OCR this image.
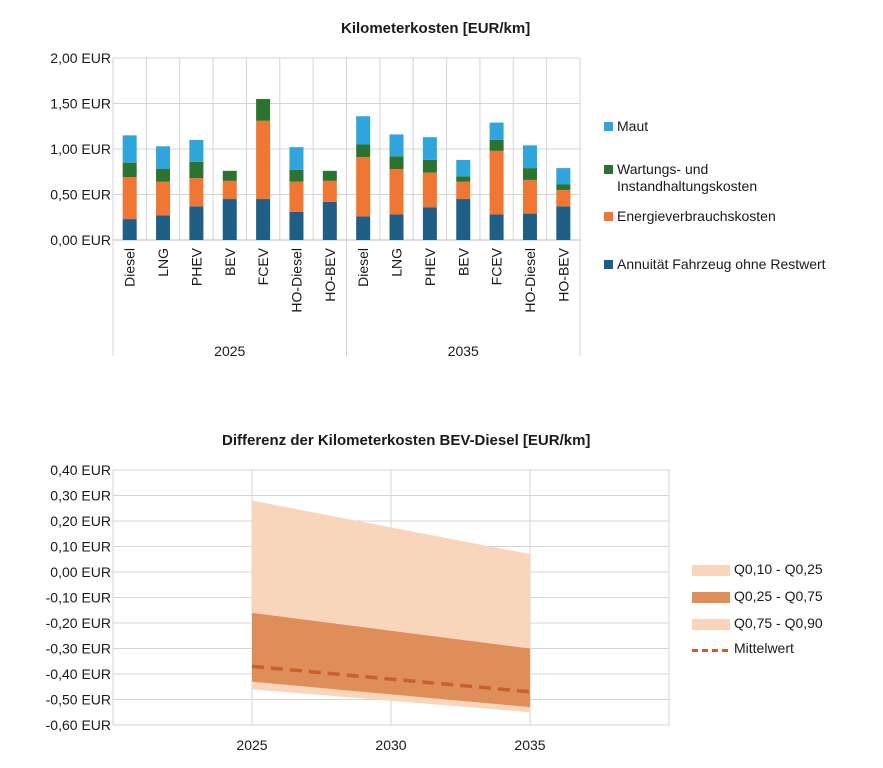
Kilometerkosten [EUR/km]
0,00 EUR
0,50 EUR
1,00 EUR
1,50 EUR
2,00 EUR
Diesel LNG PHEV BEV FCEV HO-Diesel HO-BEV Diesel LNG PHEV BEV FCEV HO-Diesel HO-BEV
2025	2035
-0,60 EUR
-0,50 EUR
-0,40 EUR
-0,30 EUR
-0,20 EUR
-0,10 EUR
0,00 EUR
0,10 EUR
0,20 EUR
0,30 EUR
0,40 EUR
2025	2030	2035
Differenz der Kilometerkosten BEV-Diesel [EUR/km]
Maut
Wartungs- und Instandhaltungskosten
Energieverbrauchskosten
Annuität Fahrzeug ohne Restwert
Q0,10 - Q0,25
Q0,25 - Q0,75
Q0,75 - Q0,90
Mittelwert
